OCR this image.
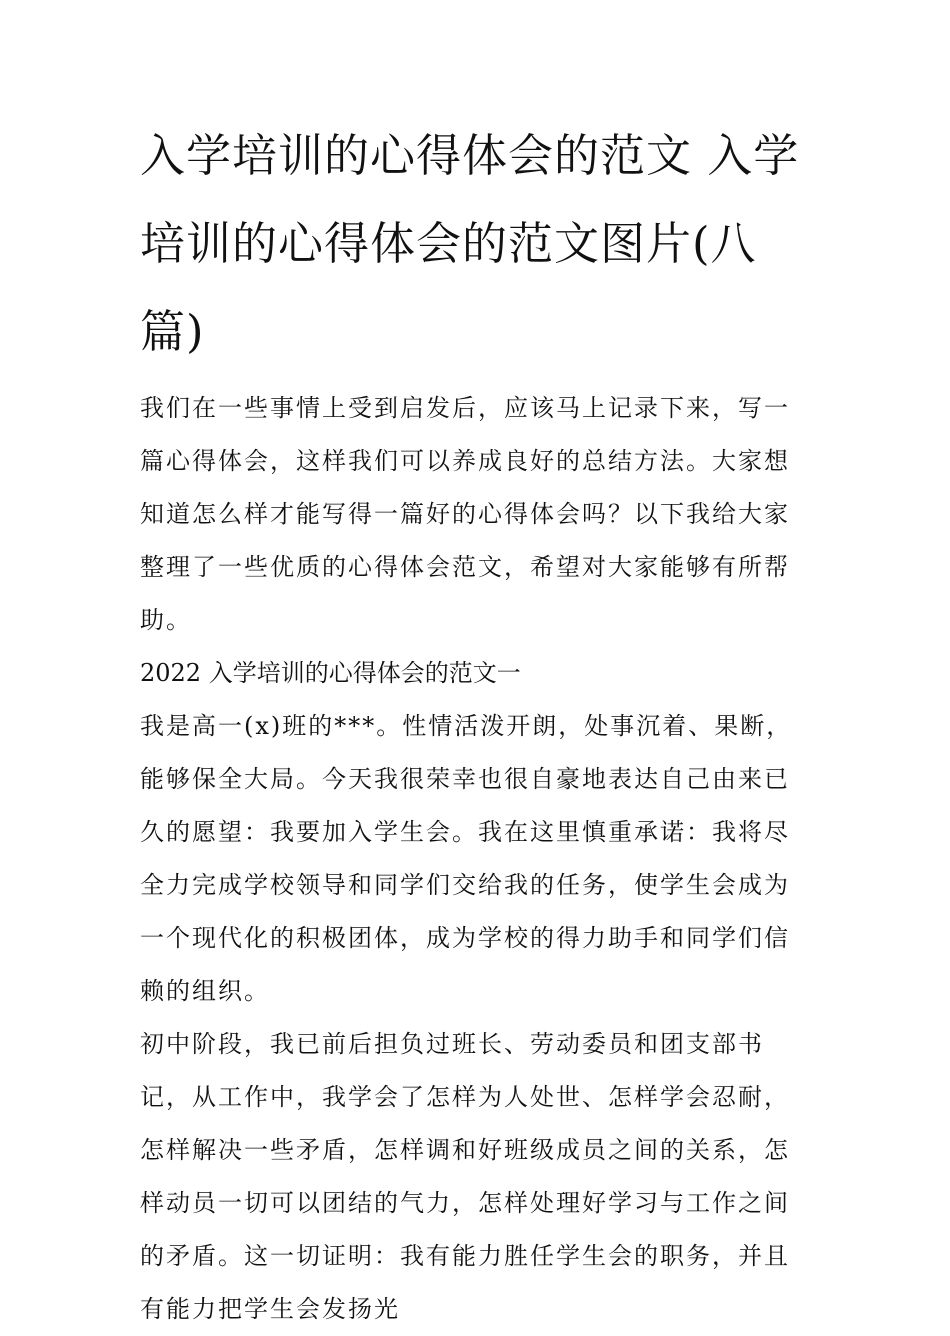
入学培训的心得体会的范文 入学培训的心得体会的范文图片(八篇)

我们在一些事情上受到启发后，应该马上记录下来，写一篇心得体会，这样我们可以养成良好的总结方法。大家想知道怎么样才能写得一篇好的心得体会吗？以下我给大家整理了一些优质的心得体会范文，希望对大家能够有所帮助。

2022 入学培训的心得体会的范文一

我是高一(x)班的***。性情活泼开朗，处事沉着、果断，能够保全大局。今天我很荣幸也很自豪地表达自己由来已久的愿望：我要加入学生会。我在这里慎重承诺：我将尽全力完成学校领导和同学们交给我的任务，使学生会成为一个现代化的积极团体，成为学校的得力助手和同学们信赖的组织。

初中阶段，我已前后担负过班长、劳动委员和团支部书记，从工作中，我学会了怎样为人处世、怎样学会忍耐，怎样解决一些矛盾，怎样调和好班级成员之间的关系，怎样动员一切可以团结的气力，怎样处理好学习与工作之间的矛盾。这一切证明：我有能力胜任学生会的职务，并且有能力把学生会发扬光
